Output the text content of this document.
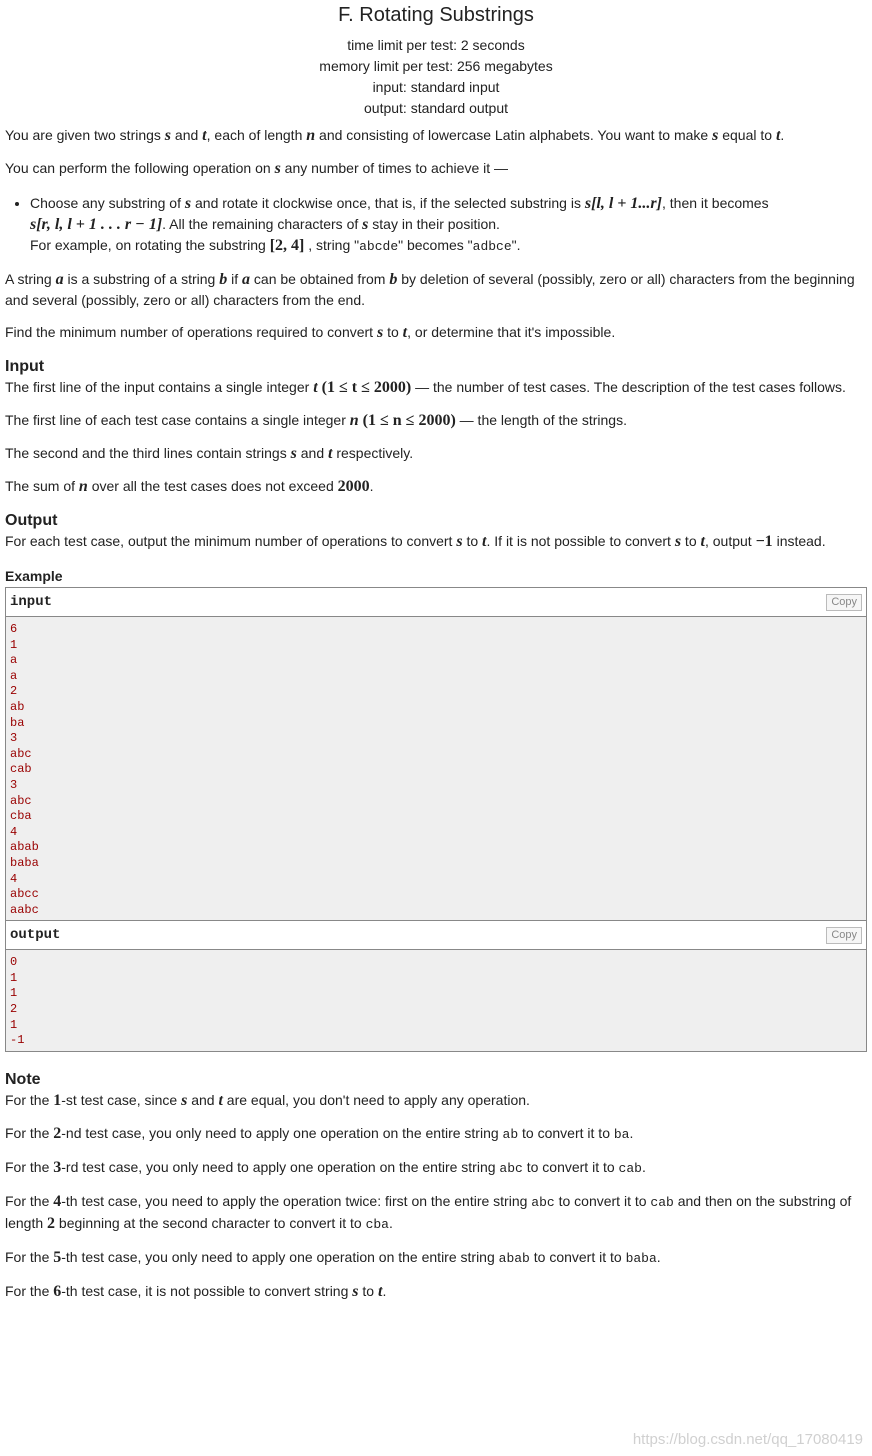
F. Rotating Substrings
time limit per test: 2 seconds
memory limit per test: 256 megabytes
input: standard input
output: standard output

You are given two strings s and t, each of length n and consisting of lowercase Latin alphabets. You want to make s equal to t.

You can perform the following operation on s any number of times to achieve it —

• Choose any substring of s and rotate it clockwise once, that is, if the selected substring is s[l, l + 1...r], then it becomes
s[r, l, l + 1 . . . r − 1]. All the remaining characters of s stay in their position.
For example, on rotating the substring [2, 4] , string "abcde" becomes "adbce".

A string a is a substring of a string b if a can be obtained from b by deletion of several (possibly, zero or all) characters from the beginning and several (possibly, zero or all) characters from the end.

Find the minimum number of operations required to convert s to t, or determine that it's impossible.

Input

The first line of the input contains a single integer t (1 ≤ t ≤ 2000) — the number of test cases. The description of the test cases follows.

The first line of each test case contains a single integer n (1 ≤ n ≤ 2000) — the length of the strings.

The second and the third lines contain strings s and t respectively.

The sum of n over all the test cases does not exceed 2000.

Output

For each test case, output the minimum number of operations to convert s to t. If it is not possible to convert s to t, output −1 instead.

Example
input	Copy
6
1
a
a
2
ab
ba
3
abc
cab
3
abc
cba
4
abab
baba
4
abcc
aabc
output	Copy
0
1
1
2
1
-1
Note

For the 1-st test case, since s and t are equal, you don't need to apply any operation.

For the 2-nd test case, you only need to apply one operation on the entire string ab to convert it to ba.

For the 3-rd test case, you only need to apply one operation on the entire string abc to convert it to cab.

For the 4-th test case, you need to apply the operation twice: first on the entire string abc to convert it to cab and then on the substring of length 2 beginning at the second character to convert it to cba.

For the 5-th test case, you only need to apply one operation on the entire string abab to convert it to baba.

For the 6-th test case, it is not possible to convert string s to t.

https://blog.csdn.net/qq_17080419
